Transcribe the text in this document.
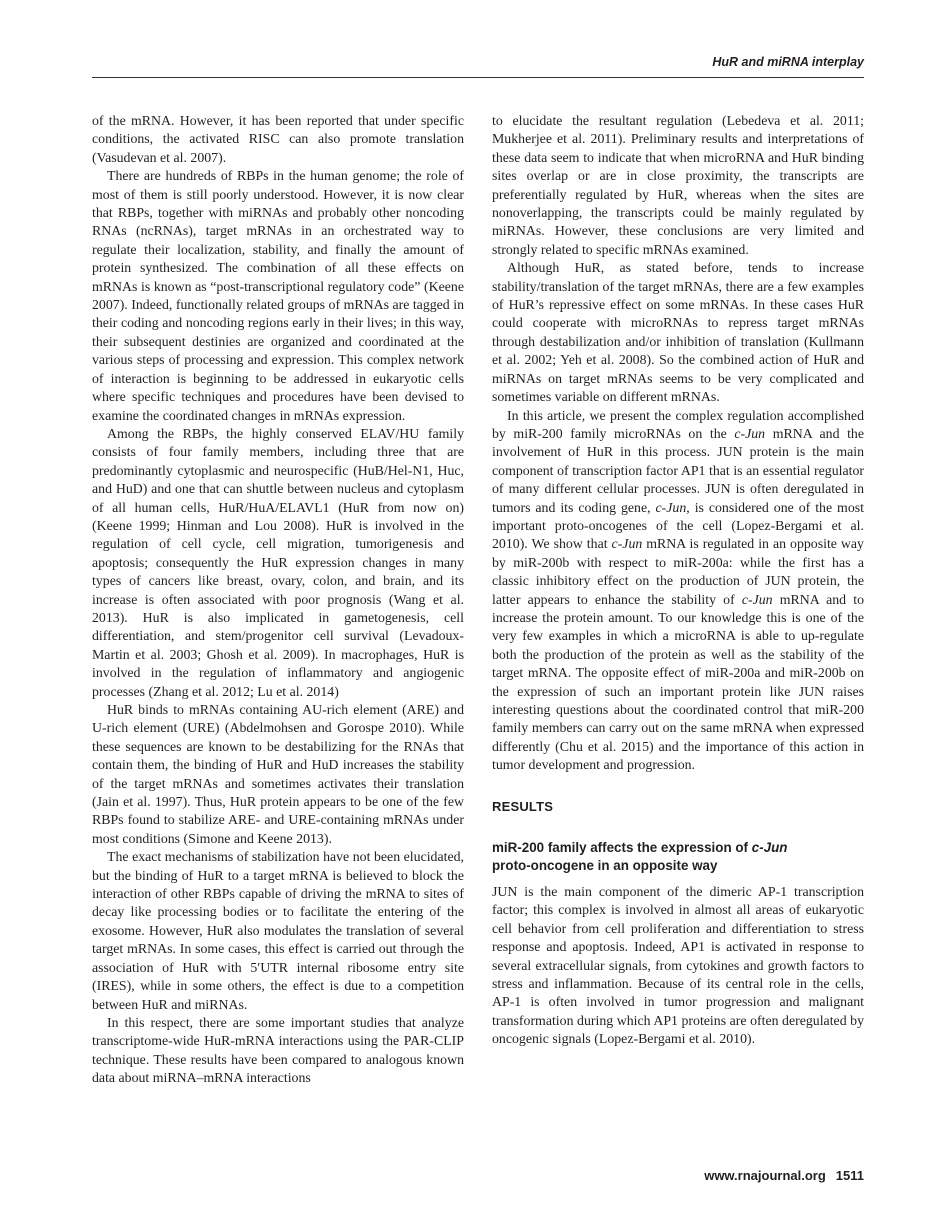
HuR and miRNA interplay

of the mRNA. However, it has been reported that under specific conditions, the activated RISC can also promote translation (Vasudevan et al. 2007).

There are hundreds of RBPs in the human genome; the role of most of them is still poorly understood. However, it is now clear that RBPs, together with miRNAs and probably other noncoding RNAs (ncRNAs), target mRNAs in an orchestrated way to regulate their localization, stability, and finally the amount of protein synthesized. The combination of all these effects on mRNAs is known as “post-transcriptional regulatory code” (Keene 2007). Indeed, functionally related groups of mRNAs are tagged in their coding and noncoding regions early in their lives; in this way, their subsequent destinies are organized and coordinated at the various steps of processing and expression. This complex network of interaction is beginning to be addressed in eukaryotic cells where specific techniques and procedures have been devised to examine the coordinated changes in mRNAs expression.

Among the RBPs, the highly conserved ELAV/HU family consists of four family members, including three that are predominantly cytoplasmic and neurospecific (HuB/Hel-N1, Huc, and HuD) and one that can shuttle between nucleus and cytoplasm of all human cells, HuR/HuA/ELAVL1 (HuR from now on) (Keene 1999; Hinman and Lou 2008). HuR is involved in the regulation of cell cycle, cell migration, tumorigenesis and apoptosis; consequently the HuR expression changes in many types of cancers like breast, ovary, colon, and brain, and its increase is often associated with poor prognosis (Wang et al. 2013). HuR is also implicated in gametogenesis, cell differentiation, and stem/progenitor cell survival (Levadoux-Martin et al. 2003; Ghosh et al. 2009). In macrophages, HuR is involved in the regulation of inflammatory and angiogenic processes (Zhang et al. 2012; Lu et al. 2014)

HuR binds to mRNAs containing AU-rich element (ARE) and U-rich element (URE) (Abdelmohsen and Gorospe 2010). While these sequences are known to be destabilizing for the RNAs that contain them, the binding of HuR and HuD increases the stability of the target mRNAs and sometimes activates their translation (Jain et al. 1997). Thus, HuR protein appears to be one of the few RBPs found to stabilize ARE- and URE-containing mRNAs under most conditions (Simone and Keene 2013).

The exact mechanisms of stabilization have not been elucidated, but the binding of HuR to a target mRNA is believed to block the interaction of other RBPs capable of driving the mRNA to sites of decay like processing bodies or to facilitate the entering of the exosome. However, HuR also modulates the translation of several target mRNAs. In some cases, this effect is carried out through the association of HuR with 5′UTR internal ribosome entry site (IRES), while in some others, the effect is due to a competition between HuR and miRNAs.

In this respect, there are some important studies that analyze transcriptome-wide HuR-mRNA interactions using the PAR-CLIP technique. These results have been compared to analogous known data about miRNA–mRNA interactions

to elucidate the resultant regulation (Lebedeva et al. 2011; Mukherjee et al. 2011). Preliminary results and interpretations of these data seem to indicate that when microRNA and HuR binding sites overlap or are in close proximity, the transcripts are preferentially regulated by HuR, whereas when the sites are nonoverlapping, the transcripts could be mainly regulated by miRNAs. However, these conclusions are very limited and strongly related to specific mRNAs examined.

Although HuR, as stated before, tends to increase stability/translation of the target mRNAs, there are a few examples of HuR’s repressive effect on some mRNAs. In these cases HuR could cooperate with microRNAs to repress target mRNAs through destabilization and/or inhibition of translation (Kullmann et al. 2002; Yeh et al. 2008). So the combined action of HuR and miRNAs on target mRNAs seems to be very complicated and sometimes variable on different mRNAs.

In this article, we present the complex regulation accomplished by miR-200 family microRNAs on the c-Jun mRNA and the involvement of HuR in this process. JUN protein is the main component of transcription factor AP1 that is an essential regulator of many different cellular processes. JUN is often deregulated in tumors and its coding gene, c-Jun, is considered one of the most important proto-oncogenes of the cell (Lopez-Bergami et al. 2010). We show that c-Jun mRNA is regulated in an opposite way by miR-200b with respect to miR-200a: while the first has a classic inhibitory effect on the production of JUN protein, the latter appears to enhance the stability of c-Jun mRNA and to increase the protein amount. To our knowledge this is one of the very few examples in which a microRNA is able to up-regulate both the production of the protein as well as the stability of the target mRNA. The opposite effect of miR-200a and miR-200b on the expression of such an important protein like JUN raises interesting questions about the coordinated control that miR-200 family members can carry out on the same mRNA when expressed differently (Chu et al. 2015) and the importance of this action in tumor development and progression.

RESULTS
miR-200 family affects the expression of c-Jun
proto-oncogene in an opposite way

JUN is the main component of the dimeric AP-1 transcription factor; this complex is involved in almost all areas of eukaryotic cell behavior from cell proliferation and differentiation to stress response and apoptosis. Indeed, AP1 is activated in response to several extracellular signals, from cytokines and growth factors to stress and inflammation. Because of its central role in the cells, AP-1 is often involved in tumor progression and malignant transformation during which AP1 proteins are often deregulated by oncogenic signals (Lopez-Bergami et al. 2010).

www.rnajournal.org 1511
